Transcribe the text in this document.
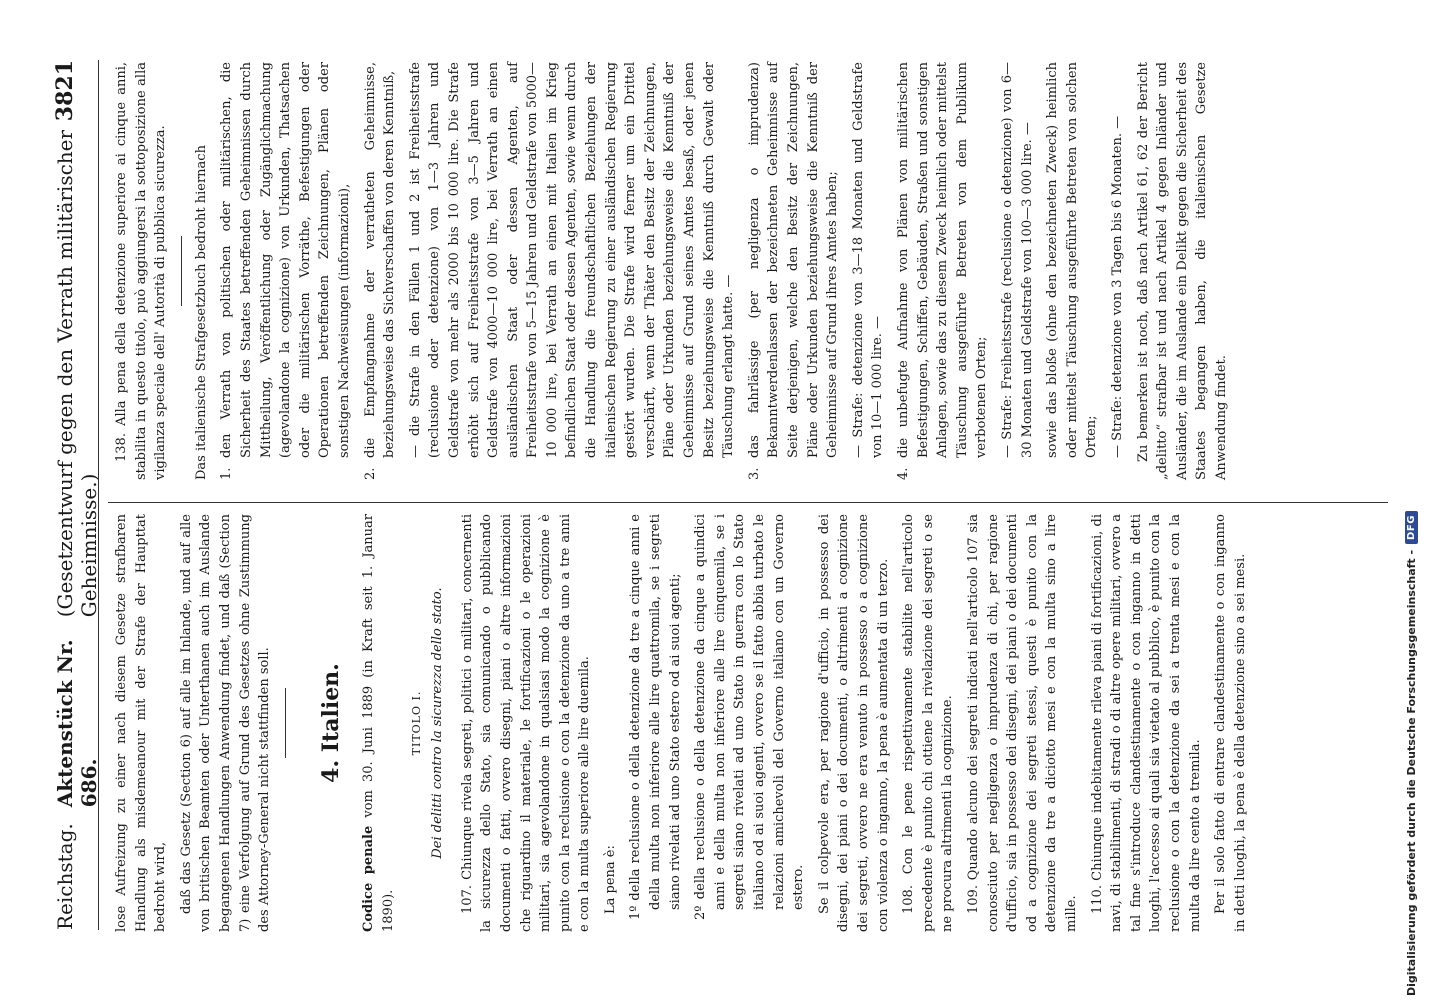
Reichstag.
Aktenstück Nr. 686.
(Gesetzentwurf gegen den Verrath militärischer Geheimnisse.)
3821

lose Aufreizung zu einer nach diesem Gesetze strafbaren Handlung als misdemeanour mit der Strafe der Haupttat bedroht wird, daß das Gesetz (Section 6) auf alle im Inlande, und auf alle von britischen Beamten oder Unterthanen auch im Auslande begangenen Handlungen Anwendung findet, und daß (Section 7) eine Verfolgung auf Grund des Gesetzes ohne Zustimmung des Attorney-General nicht stattfinden soll. 4. Italien.

Codice penale vom 30. Juni 1889 (in Kraft seit 1. Januar 1890).

TITOLO I. Dei delitti contro la sicurezza dello stato. 107. Chiunque rivela segreti, politici o militari, concernenti la sicurezza dello Stato, sia comunicando o pubblicando documenti o fatti, ovvero disegni, piani o altre informazioni che riguardino il materiale, le fortificazioni o le operazioni militari, sia agevolandone in qualsiasi modo la cognizione è punito con la reclusione o con la detenzione da uno a tre anni e con la multa superiore alle lire duemila. La pena è: 1º della reclusione o della detenzione da tre a cinque anni e della multa non inferiore alle lire quattromila, se i segreti siano rivelati ad uno Stato estero od ai suoi agenti; 2º della reclusione o della detenzione da cinque a quindici anni e della multa non inferiore alle lire cinquemila, se i segreti siano rivelati ad uno Stato in guerra con lo Stato italiano od ai suoi agenti, ovvero se il fatto abbia turbato le relazioni amichevoli del Governo italiano con un Governo estero. Se il colpevole era, per ragione d'ufficio, in possesso dei disegni, dei piani o dei documenti, o altrimenti a cognizione dei segreti, ovvero ne era venuto in possesso o a cognizione con violenza o inganno, la pena è aumentata di un terzo. 108. Con le pene rispettivamente stabilite nell'articolo precedente è punito chi ottiene la rivelazione dei segreti o se ne procura altrimenti la cognizione. 109. Quando alcuno dei segreti indicati nell'articolo 107 sia conosciuto per negligenza o imprudenza di chi, per ragione d'ufficio, sia in possesso dei disegni, dei piani o dei documenti od a cognizione dei segreti stessi, questi è punito con la detenzione da tre a diciotto mesi e con la multa sino a lire mille. 110. Chiunque indebitamente rileva piani di fortificazioni, di navi, di stabilimenti, di stradi o di altre opere militari, ovvero a tal fine s'introduce clandestinamente o con inganno in detti luoghi, l'accesso ai quali sia vietato al pubblico, è punito con la reclusione o con la detenzione da sei a trenta mesi e con la multa da lire cento a tremila. Per il solo fatto di entrare clandestinamente o con inganno in detti luoghi, la pena è della detenzione sino a sei mesi.

138. Alla pena della detenzione superiore ai cinque anni, stabilita in questo titolo, può aggiungersi la sottoposizione alla vigilanza speciale dell' Autorità di pubblica sicurezza. Das italienische Strafgesetzbuch bedroht hiernach 1.den Verrath von politischen oder militärischen, die Sicherheit des Staates betreffenden Geheimnissen durch Mittheilung, Veröffentlichung oder Zugänglichmachung (agevolandone la cognizione) von Urkunden, Thatsachen oder die militärischen Vorräthe, Befestigungen oder Operationen betreffenden Zeichnungen, Plänen oder sonstigen Nachweisungen (informazioni),

2.die Empfangnahme der verratheten Geheimnisse, beziehungsweise das Sichverschaffen von deren Kenntniß, — die Strafe in den Fällen 1 und 2 ist Freiheitsstrafe (reclusione oder detenzione) von 1—3 Jahren und Geldstrafe von mehr als 2000 bis 10 000 lire. Die Strafe erhöht sich auf Freiheitsstrafe von 3—5 Jahren und Geldstrafe von 4000—10 000 lire, bei Verrath an einen ausländischen Staat oder dessen Agenten, auf Freiheitsstrafe von 5—15 Jahren und Geldstrafe von 5000—10 000 lire, bei Verrath an einen mit Italien im Krieg befindlichen Staat oder dessen Agenten, sowie wenn durch die Handlung die freundschaftlichen Beziehungen der italienischen Regierung zu einer ausländischen Regierung gestört wurden. Die Strafe wird ferner um ein Drittel verschärft, wenn der Thäter den Besitz der Zeichnungen, Pläne oder Urkunden beziehungsweise die Kenntniß der Geheimnisse auf Grund seines Amtes besaß, oder jenen Besitz beziehungsweise die Kenntniß durch Gewalt oder Täuschung erlangt hatte. —

3.das fahrlässige (per negligenza o imprudenza) Bekanntwerdenlassen der bezeichneten Geheimnisse auf Seite derjenigen, welche den Besitz der Zeichnungen, Pläne oder Urkunden beziehungsweise die Kenntniß der Geheimnisse auf Grund ihres Amtes haben; — Strafe: detenzione von 3—18 Monaten und Geldstrafe von 10—1 000 lire. —

4.die unbefugte Aufnahme von Plänen von militärischen Befestigungen, Schiffen, Gebäuden, Straßen und sonstigen Anlagen, sowie das zu diesem Zweck heimlich oder mittelst Täuschung ausgeführte Betreten von dem Publikum verbotenen Orten; — Strafe: Freiheitsstrafe (reclusione o detenzione) von 6—30 Monaten und Geldstrafe von 100—3 000 lire. — sowie das bloße (ohne den bezeichneten Zweck) heimlich oder mittelst Täuschung ausgeführte Betreten von solchen Orten; — Strafe: detenzione von 3 Tagen bis 6 Monaten. — Zu bemerken ist noch, daß nach Artikel 61, 62 der Bericht „delitto“ strafbar ist und nach Artikel 4 gegen Inländer und Ausländer, die im Auslande ein Delikt gegen die Sicherheit des Staates begangen haben, die italienischen Gesetze Anwendung findet.

Digitalisierung gefördert durch die Deutsche Forschungsgemeinschaft -
DFG
